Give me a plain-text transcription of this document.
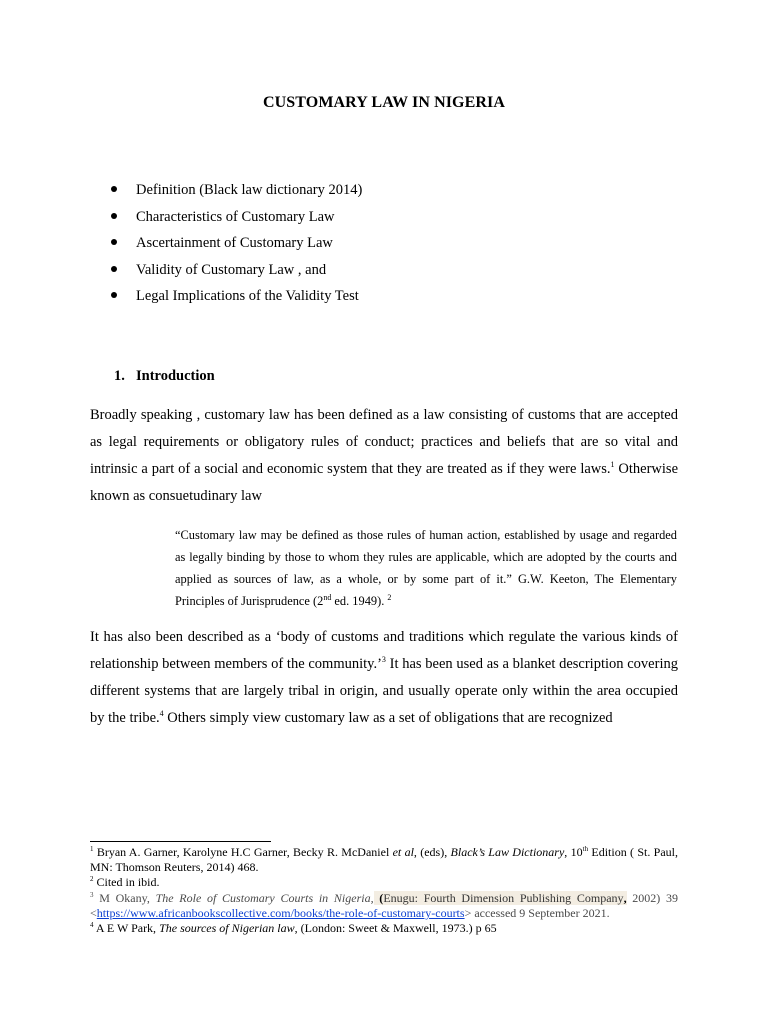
CUSTOMARY LAW IN NIGERIA
Definition (Black law dictionary 2014)
Characteristics of Customary Law
Ascertainment of Customary Law
Validity of Customary Law , and
Legal Implications of the Validity Test
1. Introduction

Broadly speaking , customary law has been defined as a law consisting of customs that are accepted as legal requirements or obligatory rules of conduct; practices and beliefs that are so vital and intrinsic a part of a social and economic system that they are treated as if they were laws.$^1$ Otherwise known as consuetudinary law

“Customary law may be defined as those rules of human action, established by usage and regarded as legally binding by those to whom they rules are applicable, which are adopted by the courts and applied as sources of law, as a whole, or by some part of it.” G.W. Keeton, The Elementary Principles of Jurisprudence (2nd ed. 1949). $^2$

It has also been described as a ‘body of customs and traditions which regulate the various kinds of relationship between members of the community.’$^3$ It has been used as a blanket description covering different systems that are largely tribal in origin, and usually operate only within the area occupied by the tribe.$^4$ Others simply view customary law as a set of obligations that are recognized

$^1$ Bryan A. Garner, Karolyne H.C Garner, Becky R. McDaniel et al, (eds), Black’s Law Dictionary, 10th Edition ( St. Paul, MN: Thomson Reuters, 2014) 468.

$^2$ Cited in ibid.

$^3$ M Okany, The Role of Customary Courts in Nigeria, (Enugu: Fourth Dimension Publishing Company, 2002) 39 <https://www.africanbookscollective.com/books/the-role-of-customary-courts> accessed 9 September 2021.

$^4$ A E W Park, The sources of Nigerian law, (London: Sweet & Maxwell, 1973.) p 65
